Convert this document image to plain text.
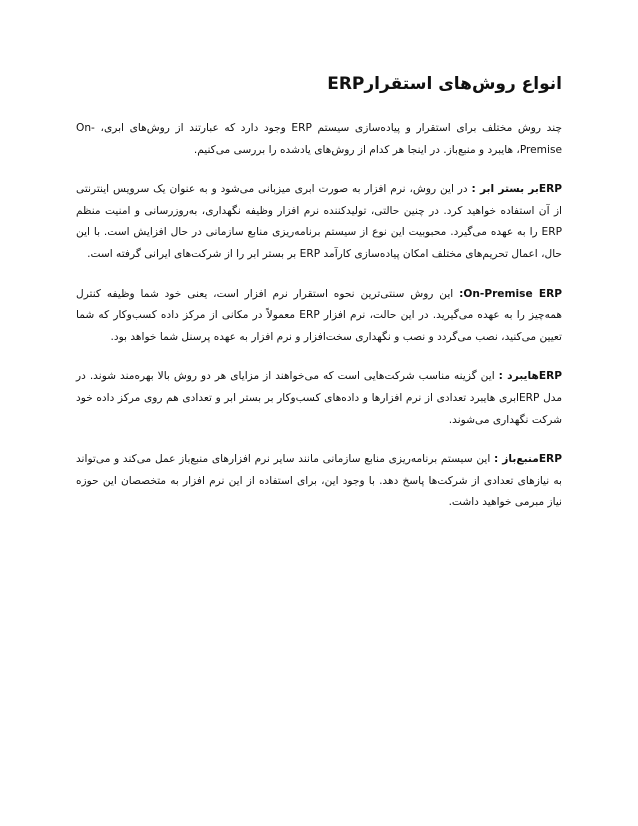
انواع روش‌های استقرارERP

چند روش مختلف برای استقرار و پیاده‌سازی سیستم ERP وجود دارد که عبارتند از روش‌های ابری، On-Premise، هایبرد و منبع‌باز. در اینجا هر کدام از روش‌های یادشده را بررسی می‌کنیم.

ERPبر بستر ابر : در این روش، نرم افزار به صورت ابری میزبانی می‌شود و به عنوان یک سرویس اینترنتی از آن استفاده خواهید کرد. در چنین حالتی، تولیدکننده نرم افزار وظیفه نگهداری، به‌روزرسانی و امنیت منظم ERP را به عهده می‌گیرد. محبوبیت این نوع از سیستم برنامه‌ریزی منابع سازمانی در حال افزایش است. با این حال، اعمال تحریم‌های مختلف امکان پیاده‌سازی کارآمد ERP بر بستر ابر را از شرکت‌های ایرانی گرفته است.

On-Premise ERP: این روش سنتی‌ترین نحوه استقرار نرم افزار است، یعنی خود شما وظیفه کنترل همه‌چیز را به عهده می‌گیرید. در این حالت، نرم افزار ERP معمولاً در مکانی از مرکز داده کسب‌وکار که شما تعیین می‌کنید، نصب می‌گردد و نصب و نگهداری سخت‌افزار و نرم افزار به عهده پرسنل شما خواهد بود.

ERPهایبرد : این گزینه مناسب شرکت‌هایی است که می‌خواهند از مزایای هر دو روش بالا بهره‌مند شوند. در مدل ERPابری هایبرد تعدادی از نرم افزارها و داده‌های کسب‌وکار بر بستر ابر و تعدادی هم روی مرکز داده خود شرکت نگهداری می‌شوند.

ERPمنبع‌باز : این سیستم برنامه‌ریزی منابع سازمانی مانند سایر نرم افزارهای منبع‌باز عمل می‌کند و می‌تواند به نیازهای تعدادی از شرکت‌ها پاسخ دهد. با وجود این، برای استفاده از این نرم افزار به متخصصان این حوزه نیاز مبرمی خواهید داشت.
